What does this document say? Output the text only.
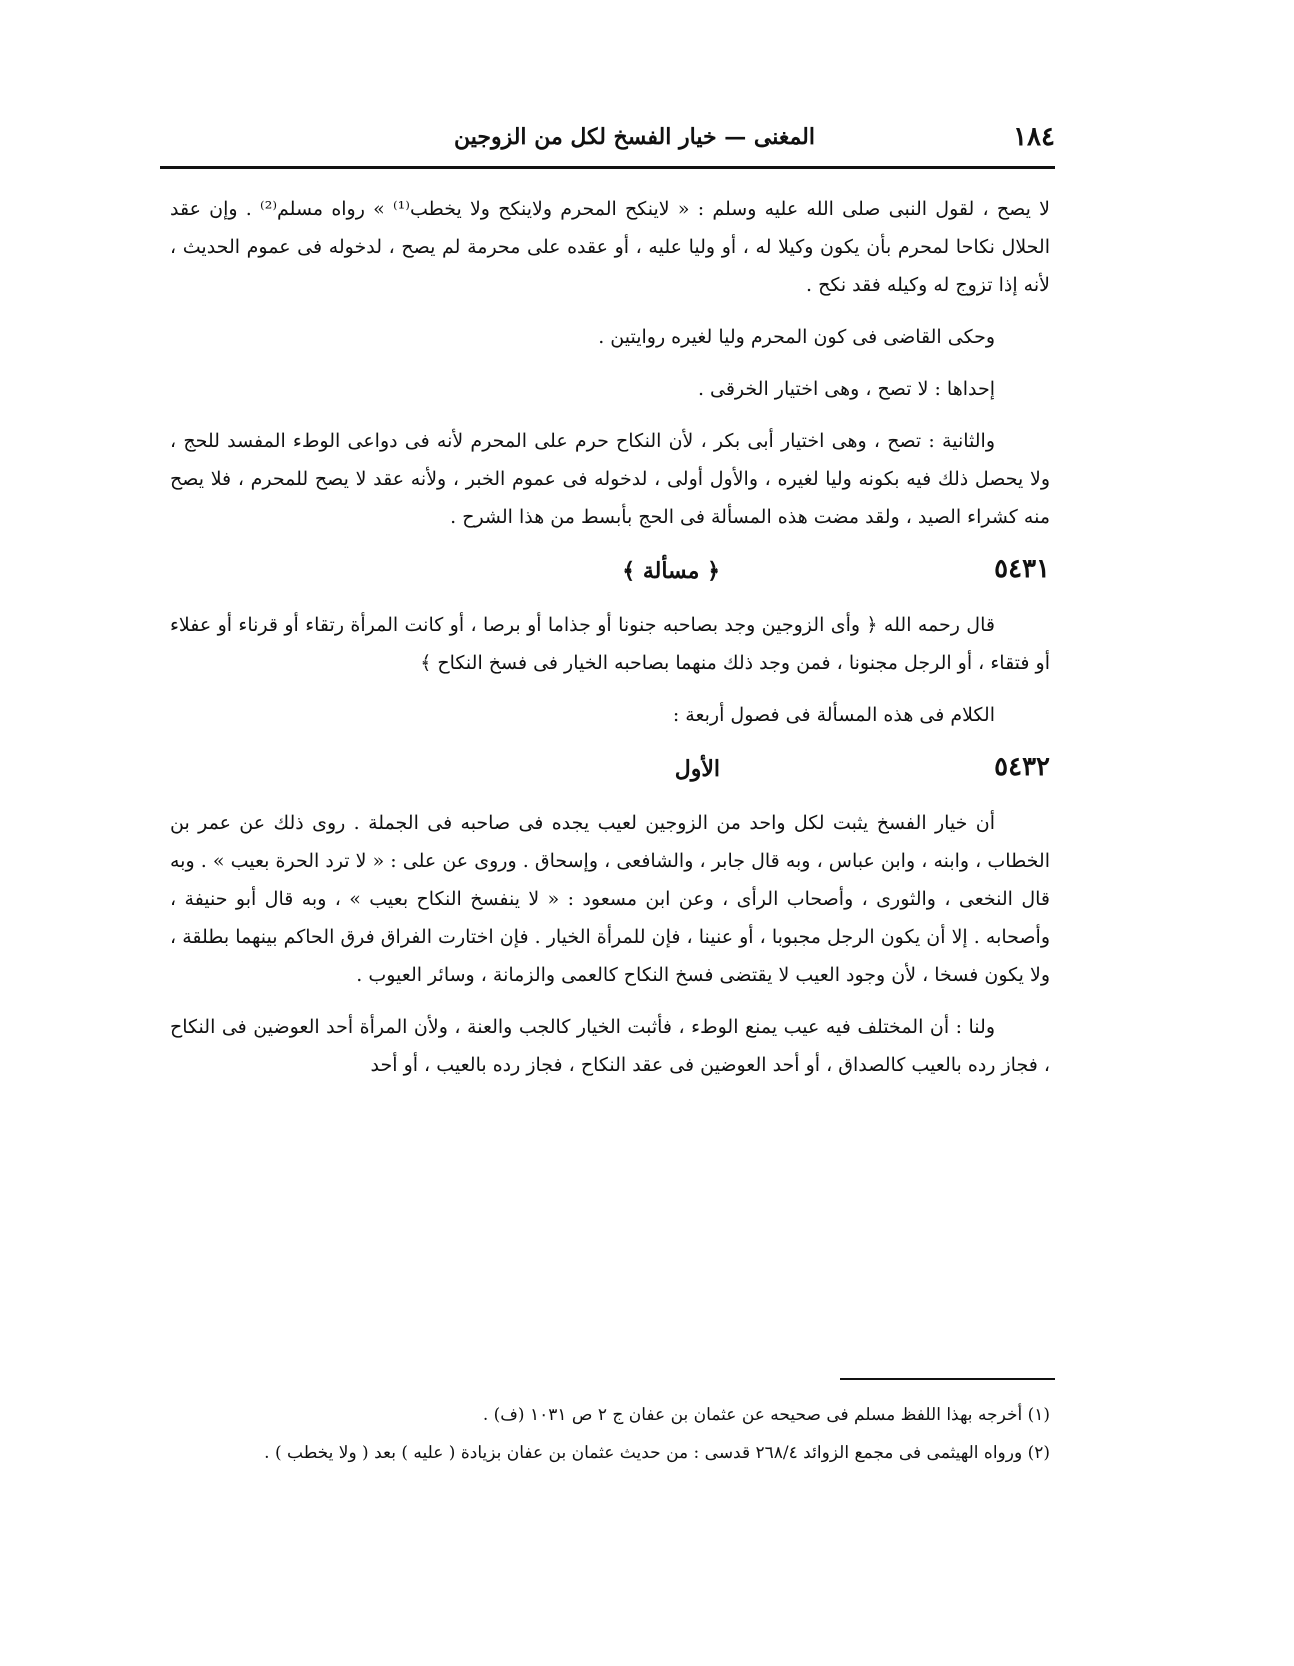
١٨٤
المغنى — خيار الفسخ لكل من الزوجين

لا يصح ، لقول النبى صلى الله عليه وسلم : « لاينكح المحرم ولاينكح ولا يخطب⁽¹⁾ » رواه مسلم⁽²⁾ . وإن عقد الحلال نكاحا لمحرم بأن يكون وكيلا له ، أو وليا عليه ، أو عقده على محرمة لم يصح ، لدخوله فى عموم الحديث ، لأنه إذا تزوج له وكيله فقد نكح .

وحكى القاضى فى كون المحرم وليا لغيره روايتين .

إحداها : لا تصح ، وهى اختيار الخرقى .

والثانية : تصح ، وهى اختيار أبى بكر ، لأن النكاح حرم على المحرم لأنه فى دواعى الوطء المفسد للحج ، ولا يحصل ذلك فيه بكونه وليا لغيره ، والأول أولى ، لدخوله فى عموم الخبر ، ولأنه عقد لا يصح للمحرم ، فلا يصح منه كشراء الصيد ، ولقد مضت هذه المسألة فى الحج بأبسط من هذا الشرح .

٥٤٣١
﴿ مسألة ﴾

قال رحمه الله ﴿ وأى الزوجين وجد بصاحبه جنونا أو جذاما أو برصا ، أو كانت المرأة رتقاء أو قرناء أو عفلاء أو فتقاء ، أو الرجل مجنونا ، فمن وجد ذلك منهما بصاحبه الخيار فى فسخ النكاح ﴾

الكلام فى هذه المسألة فى فصول أربعة :

٥٤٣٢
الأول

أن خيار الفسخ يثبت لكل واحد من الزوجين لعيب يجده فى صاحبه فى الجملة . روى ذلك عن عمر بن الخطاب ، وابنه ، وابن عباس ، وبه قال جابر ، والشافعى ، وإسحاق . وروى عن على : « لا ترد الحرة بعيب » . وبه قال النخعى ، والثورى ، وأصحاب الرأى ، وعن ابن مسعود : « لا ينفسخ النكاح بعيب » ، وبه قال أبو حنيفة ، وأصحابه . إلا أن يكون الرجل مجبوبا ، أو عنينا ، فإن للمرأة الخيار . فإن اختارت الفراق فرق الحاكم بينهما بطلقة ، ولا يكون فسخا ، لأن وجود العيب لا يقتضى فسخ النكاح كالعمى والزمانة ، وسائر العيوب .

ولنا : أن المختلف فيه عيب يمنع الوطء ، فأثبت الخيار كالجب والعنة ، ولأن المرأة أحد العوضين فى النكاح ، فجاز رده بالعيب كالصداق ، أو أحد العوضين فى عقد النكاح ، فجاز رده بالعيب ، أو أحد

(١) أخرجه بهذا اللفظ مسلم فى صحيحه عن عثمان بن عفان ج ٢ ص ١٠٣١ (ف) .

(٢) ورواه الهيثمى فى مجمع الزوائد ٢٦٨/٤ قدسى : من حديث عثمان بن عفان بزيادة ( عليه ) بعد ( ولا يخطب ) .
